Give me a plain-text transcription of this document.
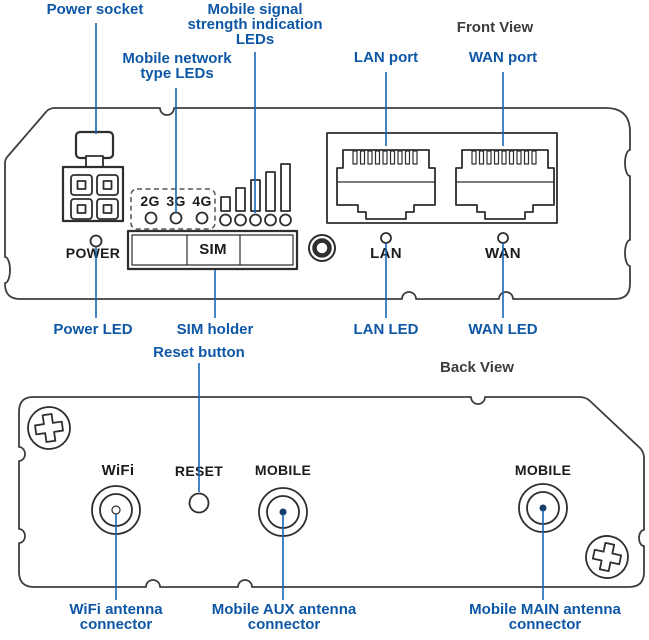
Power socket	Mobile signal
strength indication
LEDs
Mobile network
type LEDs
Front View
LAN port	WAN port
2G 3G 4G
POWER	SIM	LAN	WAN
Power LED	SIM holder	LAN LED	WAN LED
Reset button
Back View
WiFi	RESET MOBILE	MOBILE
WiFi antenna
connector
Mobile AUX antenna
connector
Mobile MAIN antenna
connector
